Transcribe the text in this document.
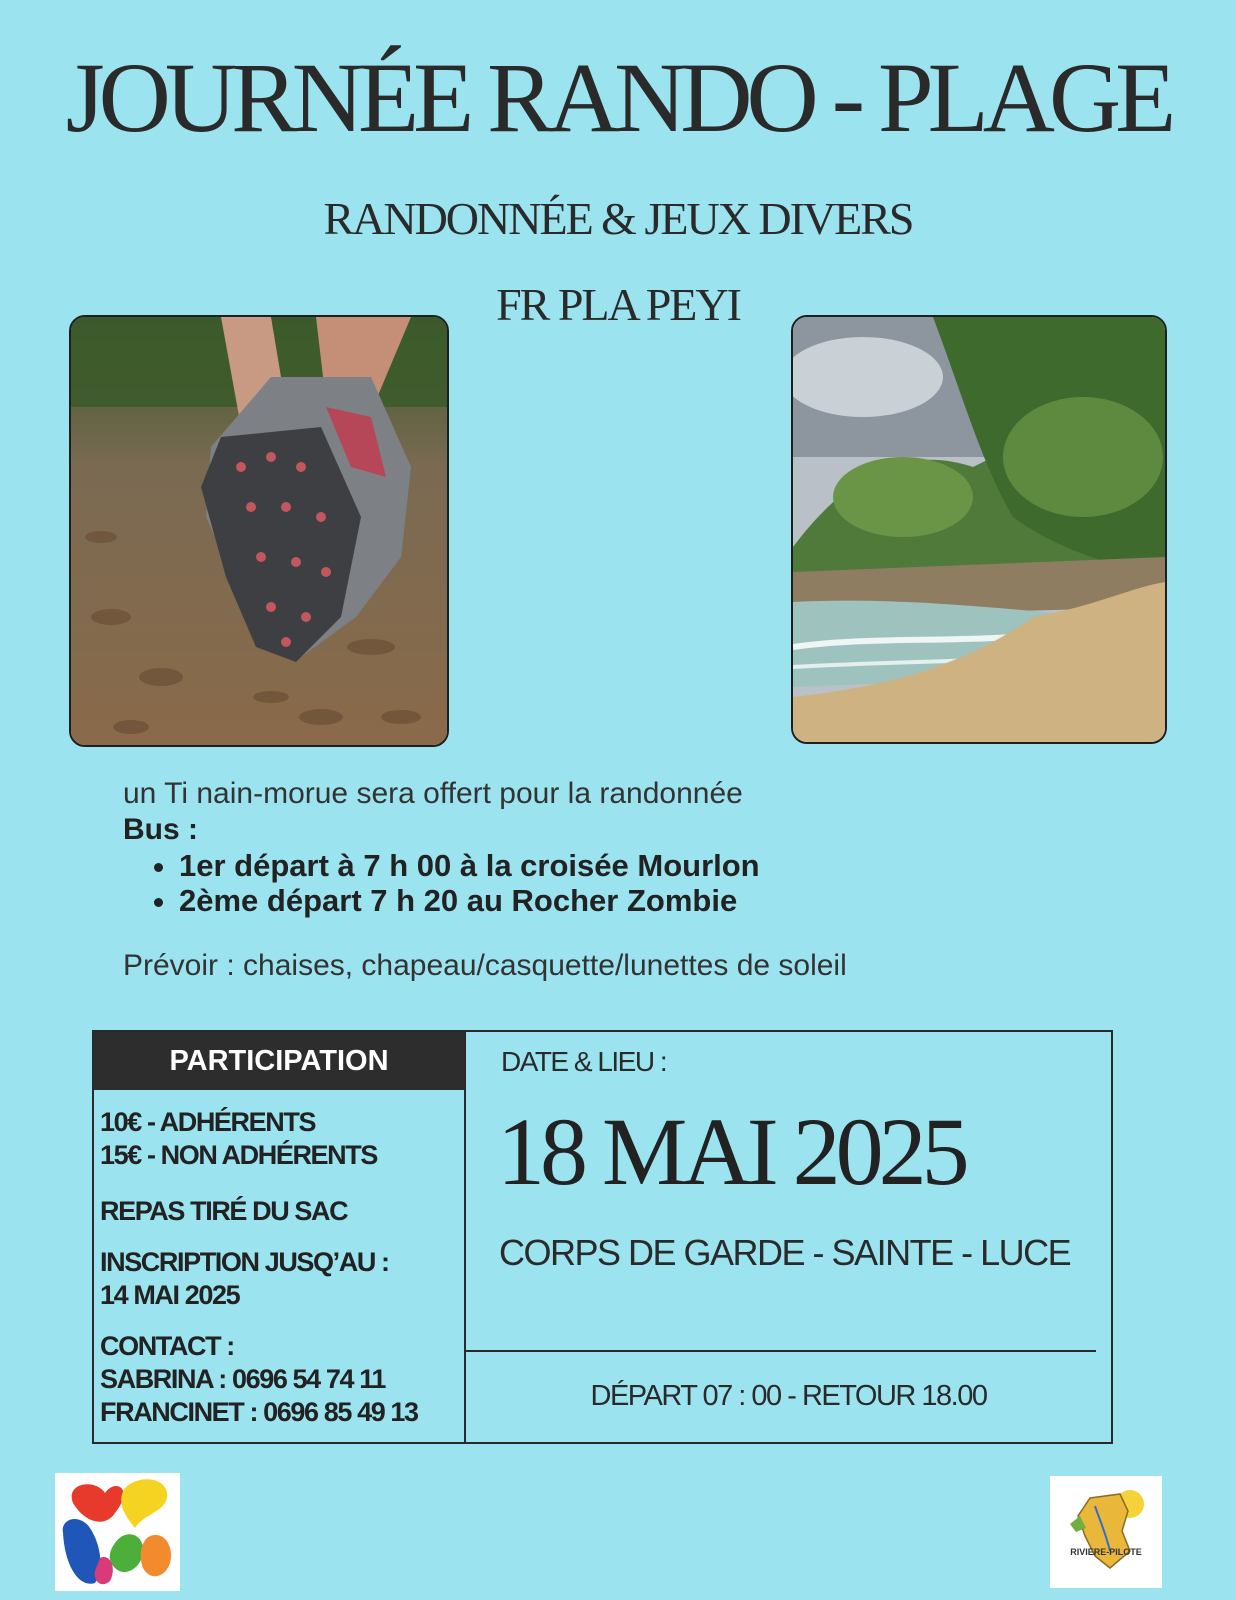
JOURNÉE RANDO - PLAGE
RANDONNÉE & JEUX DIVERS
FR PLA PEYI
un Ti nain-morue sera offert pour la randonnée
Bus :
• 1er départ à 7 h 00 à la croisée Mourlon
• 2ème départ 7 h 20 au Rocher Zombie
Prévoir : chaises, chapeau/casquette/lunettes de soleil
PARTICIPATION
10€ - ADHÉRENTS
15€ - NON ADHÉRENTS
REPAS TIRÉ DU SAC
INSCRIPTION JUSQ’AU :
14 MAI 2025
CONTACT :
SABRINA : 0696 54 74 11
FRANCINET : 0696 85 49 13
DATE & LIEU :
18 MAI 2025
CORPS DE GARDE - SAINTE - LUCE
DÉPART 07 : 00 - RETOUR 18.00
RIVIERE-PILOTE
